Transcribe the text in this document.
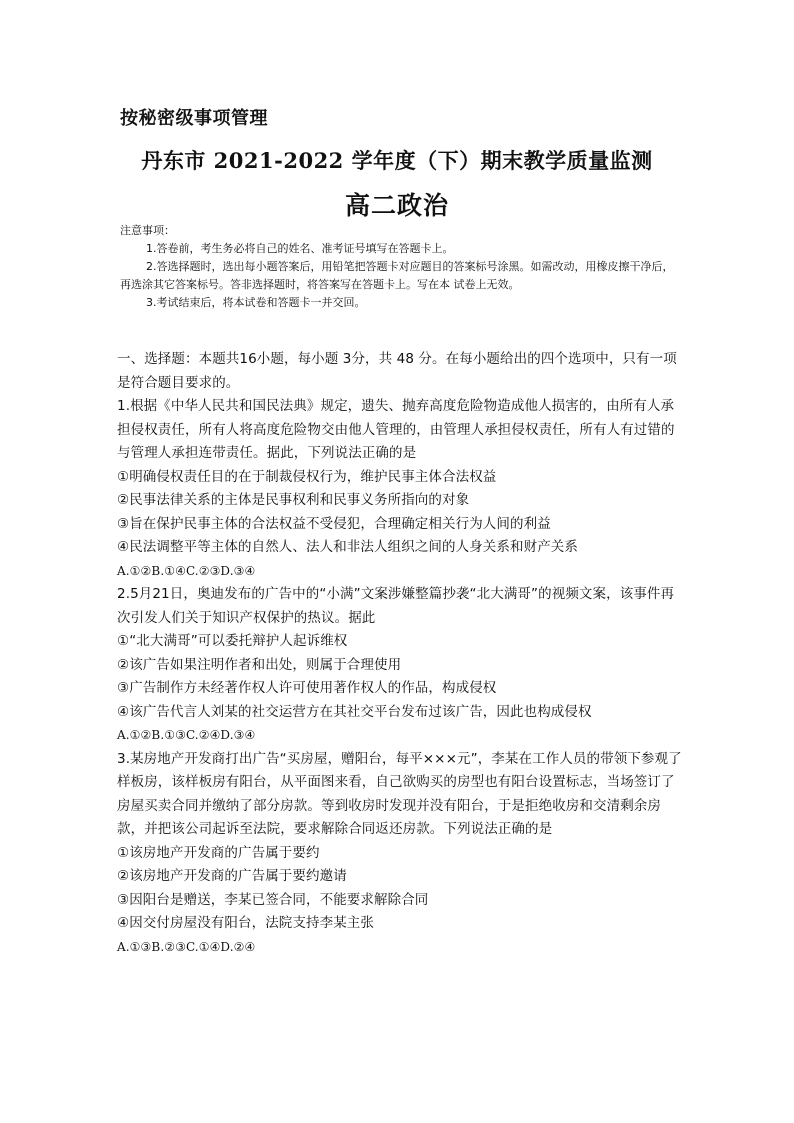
按秘密级事项管理
丹东市 2021-2022 学年度（下）期末教学质量监测
高二政治
注意事项：
1.答卷前，考生务必将自己的姓名、准考证号填写在答题卡上。
2.答选择题时，选出每小题答案后，用铅笔把答题卡对应题目的答案标号涂黑。如需改动，用橡皮擦干净后，再选涂其它答案标号。答非选择题时，将答案写在答题卡上。写在本 试卷上无效。
3.考试结束后，将本试卷和答题卡一并交回。

一、选择题：本题共16小题，每小题 3分，共 48 分。在每小题给出的四个选项中，只有一项是符合题目要求的。

1.根据《中华人民共和国民法典》规定，遗失、抛弃高度危险物造成他人损害的，由所有人承担侵权责任，所有人将高度危险物交由他人管理的，由管理人承担侵权责任，所有人有过错的与管理人承担连带责任。据此，下列说法正确的是

①明确侵权责任目的在于制裁侵权行为，维护民事主体合法权益

②民事法律关系的主体是民事权利和民事义务所指向的对象

③旨在保护民事主体的合法权益不受侵犯，合理确定相关行为人间的利益

④民法调整平等主体的自然人、法人和非法人组织之间的人身关系和财产关系

A.①②B.①④C.②③D.③④

2.5月21日，奥迪发布的广告中的“小满”文案涉嫌整篇抄袭“北大满哥”的视频文案，该事件再次引发人们关于知识产权保护的热议。据此

①“北大满哥”可以委托辩护人起诉维权

②该广告如果注明作者和出处，则属于合理使用

③广告制作方未经著作权人许可使用著作权人的作品，构成侵权

④该广告代言人刘某的社交运营方在其社交平台发布过该广告，因此也构成侵权

A.①②B.①③C.②④D.③④

3.某房地产开发商打出广告“买房屋，赠阳台，每平×××元”，李某在工作人员的带领下参观了样板房，该样板房有阳台，从平面图来看，自己欲购买的房型也有阳台设置标志，当场签订了房屋买卖合同并缴纳了部分房款。等到收房时发现并没有阳台，于是拒绝收房和交清剩余房款，并把该公司起诉至法院，要求解除合同返还房款。下列说法正确的是

①该房地产开发商的广告属于要约

②该房地产开发商的广告属于要约邀请

③因阳台是赠送，李某已签合同，不能要求解除合同

④因交付房屋没有阳台，法院支持李某主张

A.①③B.②③C.①④D.②④
